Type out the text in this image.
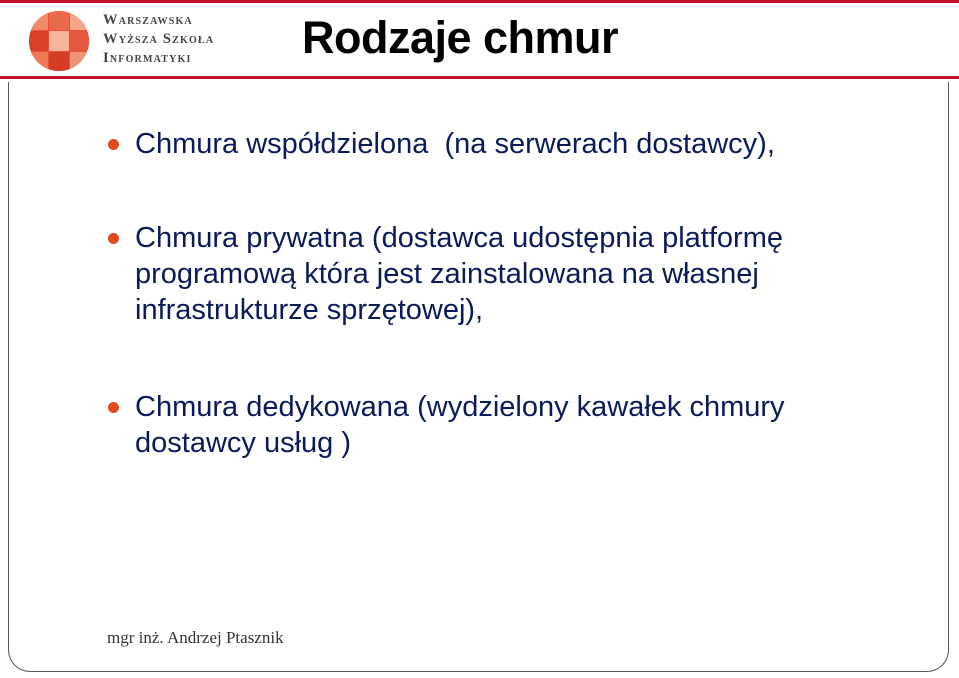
Warszawska
Wyższa Szkoła
Informatyki	Rodzaje chmur
Chmura współdzielona  (na serwerach dostawcy),
Chmura prywatna (dostawca udostępnia platformę
programową która jest zainstalowana na własnej
infrastrukturze sprzętowej),
Chmura dedykowana (wydzielony kawałek chmury
dostawcy usług )
mgr inż. Andrzej Ptasznik
